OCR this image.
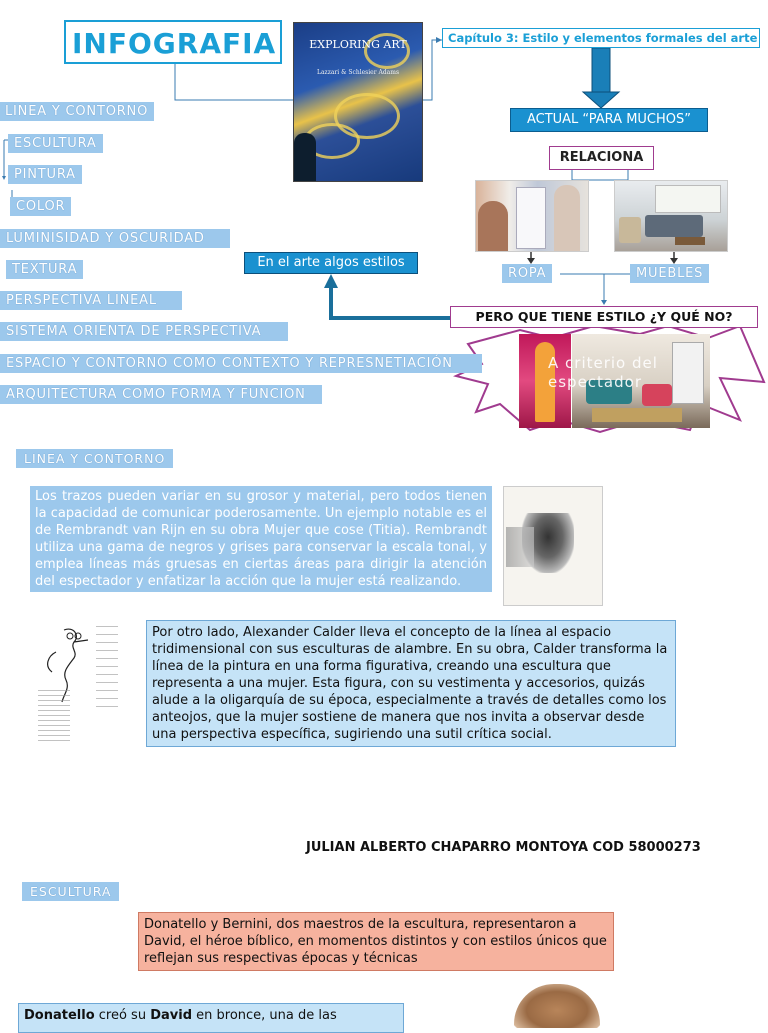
INFOGRAFIA	EXPLORING ART
Lazzari & Schlesier Adams
Capítulo 3: Estilo y elementos formales del arte
ACTUAL “PARA MUCHOS”
RELACIONA
ROPA	MUEBLES
En el arte algos estilos
PERO QUE TIENE ESTILO ¿Y QUÉ NO?
A criterio del espectador
LINEA Y CONTORNO
ESCULTURA
PINTURA
COLOR
LUMINISIDAD Y OSCURIDAD
TEXTURA
PERSPECTIVA LINEAL
SISTEMA ORIENTA DE PERSPECTIVA
ESPACIO Y CONTORNO COMO CONTEXTO Y REPRESNETIACIÓN
ARQUITECTURA COMO FORMA Y FUNCION
LINEA Y CONTORNO
Los trazos pueden variar en su grosor y material, pero todos tienen la capacidad de comunicar poderosamente. Un ejemplo notable es el de Rembrandt van Rijn en su obra Mujer que cose (Titia). Rembrandt utiliza una gama de negros y grises para conservar la escala tonal, y emplea líneas más gruesas en ciertas áreas para dirigir la atención del espectador y enfatizar la acción que la mujer está realizando.
Por otro lado, Alexander Calder lleva el concepto de la línea al espacio tridimensional con sus esculturas de alambre. En su obra, Calder transforma la línea de la pintura en una forma figurativa, creando una escultura que representa a una mujer. Esta figura, con su vestimenta y accesorios, quizás alude a la oligarquía de su época, especialmente a través de detalles como los anteojos, que la mujer sostiene de manera que nos invita a observar desde una perspectiva específica, sugiriendo una sutil crítica social.
JULIAN ALBERTO CHAPARRO MONTOYA COD 58000273
ESCULTURA
Donatello y Bernini, dos maestros de la escultura, representaron a David, el héroe bíblico, en momentos distintos y con estilos únicos que reflejan sus respectivas épocas y técnicas
Donatello creó su David en bronce, una de las
